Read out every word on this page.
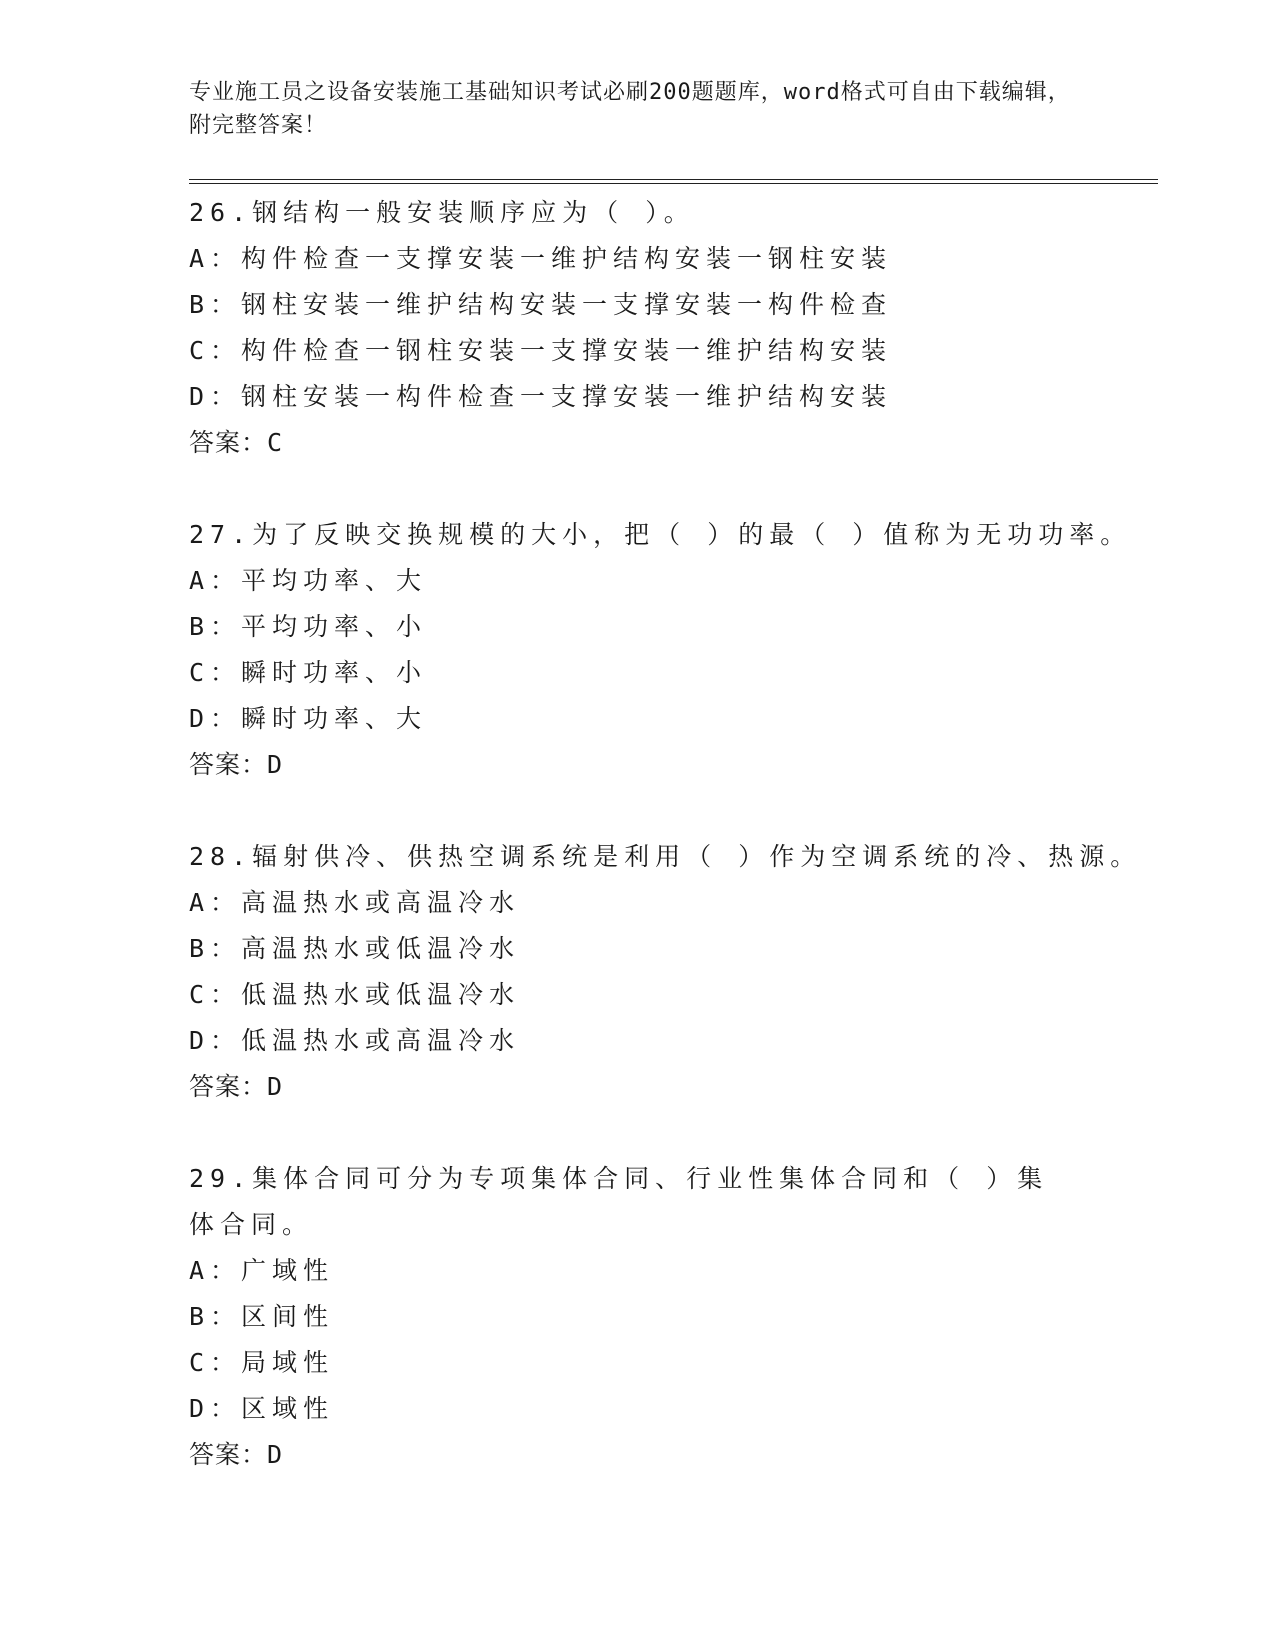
专业施工员之设备安装施工基础知识考试必刷200题题库，word格式可自由下载编辑，附完整答案！
26.钢结构一般安装顺序应为（ ）。
A：构件检查一支撑安装一维护结构安装一钢柱安装
B：钢柱安装一维护结构安装一支撑安装一构件检查
C：构件检查一钢柱安装一支撑安装一维护结构安装
D：钢柱安装一构件检查一支撑安装一维护结构安装
答案：C
27.为了反映交换规模的大小，把（ ）的最（ ）值称为无功功率。
A：平均功率、大
B：平均功率、小
C：瞬时功率、小
D：瞬时功率、大
答案：D
28.辐射供冷、供热空调系统是利用（ ）作为空调系统的冷、热源。
A：高温热水或高温冷水
B：高温热水或低温冷水
C：低温热水或低温冷水
D：低温热水或高温冷水
答案：D
29.集体合同可分为专项集体合同、行业性集体合同和（ ）集体合同。
A：广域性
B：区间性
C：局域性
D：区域性
答案：D
